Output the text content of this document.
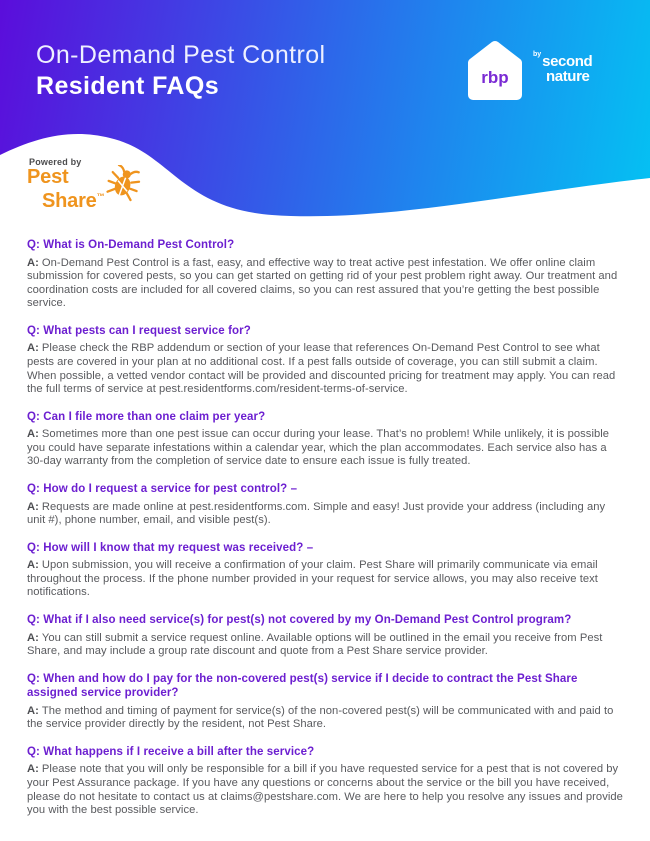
On-Demand Pest Control
Resident FAQs	rbp
$^{by}$second
nature
Powered by
Pest
Share™
Q: What is On-Demand Pest Control?

A: On-Demand Pest Control is a fast, easy, and effective way to treat active pest infestation. We offer online claim submission for covered pests, so you can get started on getting rid of your pest problem right away. Our treatment and coordination costs are included for all covered claims, so you can rest assured that you’re getting the best possible service.

Q: What pests can I request service for?

A: Please check the RBP addendum or section of your lease that references On-Demand Pest Control to see what pests are covered in your plan at no additional cost. If a pest falls outside of coverage, you can still submit a claim. When possible, a vetted vendor contact will be provided and discounted pricing for treatment may apply. You can read the full terms of service at pest.residentforms.com/resident-terms-of-service.

Q: Can I file more than one claim per year?

A: Sometimes more than one pest issue can occur during your lease. That’s no problem! While unlikely, it is possible you could have separate infestations within a calendar year, which the plan accommodates. Each service also has a 30-day warranty from the completion of service date to ensure each issue is fully treated.

Q: How do I request a service for pest control? –

A: Requests are made online at pest.residentforms.com. Simple and easy! Just provide your address (including any unit #), phone number, email, and visible pest(s).

Q: How will I know that my request was received? –

A: Upon submission, you will receive a confirmation of your claim. Pest Share will primarily communicate via email throughout the process. If the phone number provided in your request for service allows, you may also receive text notifications.

Q: What if I also need service(s) for pest(s) not covered by my On-Demand Pest Control program?

A: You can still submit a service request online. Available options will be outlined in the email you receive from Pest Share, and may include a group rate discount and quote from a Pest Share service provider.

Q: When and how do I pay for the non-covered pest(s) service if I decide to contract the Pest Share assigned service provider?

A: The method and timing of payment for service(s) of the non-covered pest(s) will be communicated with and paid to the service provider directly by the resident, not Pest Share.

Q: What happens if I receive a bill after the service?

A: Please note that you will only be responsible for a bill if you have requested service for a pest that is not covered by your Pest Assurance package. If you have any questions or concerns about the service or the bill you have received, please do not hesitate to contact us at claims@pestshare.com. We are here to help you resolve any issues and provide you with the best possible service.
